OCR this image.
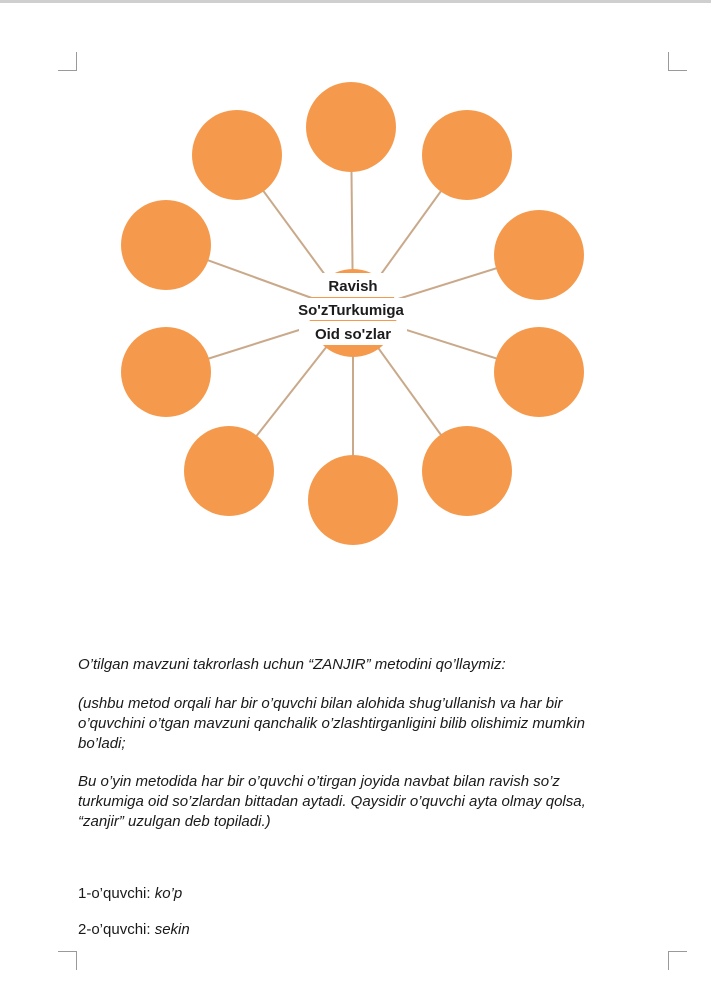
Ravish
So'zTurkumiga
Oid so'zlar
O’tilgan mavzuni takrorlash uchun “ZANJIR” metodini qo’llaymiz:
(ushbu metod orqali har bir o’quvchi bilan alohida shug’ullanish va har bir
o’quvchini o’tgan mavzuni qanchalik o’zlashtirganligini bilib olishimiz mumkin
bo’ladi;
Bu o’yin metodida har bir o’quvchi o’tirgan joyida navbat bilan ravish so’z
turkumiga oid so’zlardan bittadan aytadi. Qaysidir o’quvchi ayta olmay qolsa,
“zanjir” uzulgan deb topiladi.)
1-o’quvchi: ko’p
2-o’quvchi: sekin
